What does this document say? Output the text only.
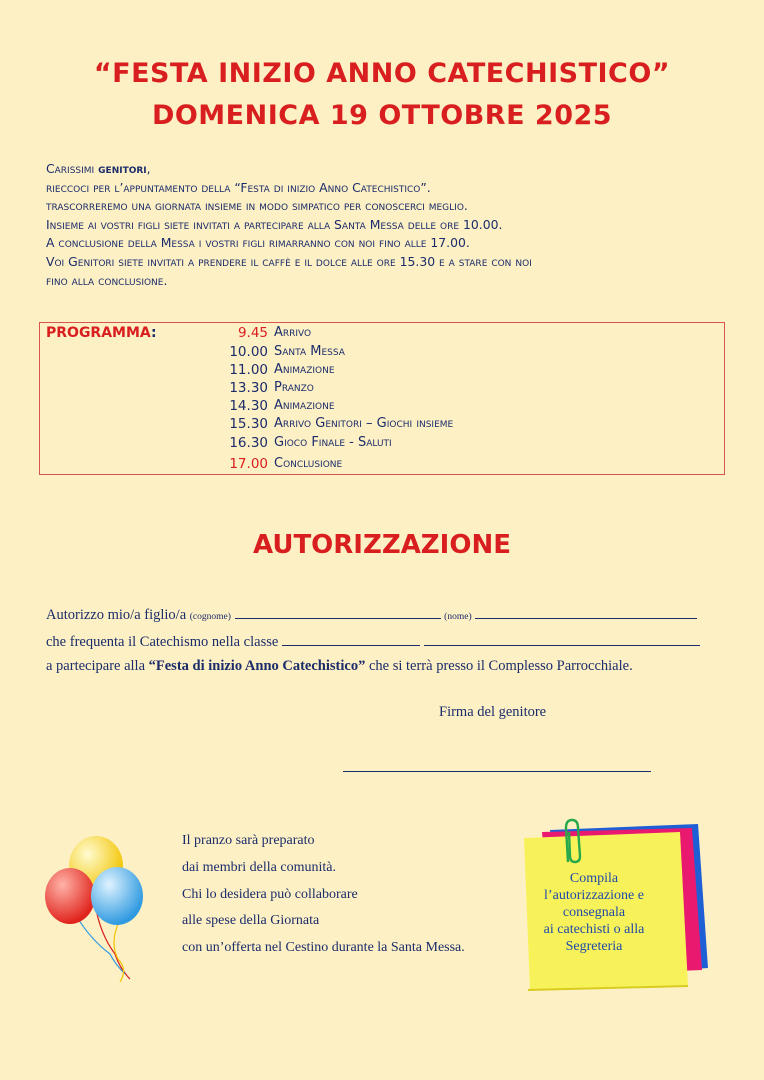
“FESTA INIZIO ANNO CATECHISTICO”
DOMENICA 19 OTTOBRE 2025
Carissimi genitori,
rieccoci per l’appuntamento della “Festa di inizio Anno Catechistico”.
trascorreremo una giornata insieme in modo simpatico per conoscerci meglio.
Insieme ai vostri figli siete invitati a partecipare alla Santa Messa delle ore 10.00.
A conclusione della Messa i vostri figli rimarranno con noi fino alle 17.00.
Voi Genitori siete invitati a prendere il caffè e il dolce alle ore 15.30 e a stare con noi
fino alla conclusione.
PROGRAMMA:	9.45 Arrivo
10.00 Santa Messa
11.00 Animazione
13.30 Pranzo
14.30 Animazione
15.30 Arrivo Genitori – Giochi insieme
16.30 Gioco Finale - Saluti
17.00 Conclusione
AUTORIZZAZIONE
Autorizzo mio/a figlio/a (cognome)	(nome)
che frequenta il Catechismo nella classe
a partecipare alla “Festa di inizio Anno Catechistico” che si terrà presso il Complesso Parrocchiale.
Firma del genitore
Il pranzo sarà preparato
dai membri della comunità.
Chi lo desidera può collaborare
alle spese della Giornata
con un’offerta nel Cestino durante la Santa Messa.
Compila
l’autorizzazione e
consegnala
ai catechisti o alla
Segreteria
